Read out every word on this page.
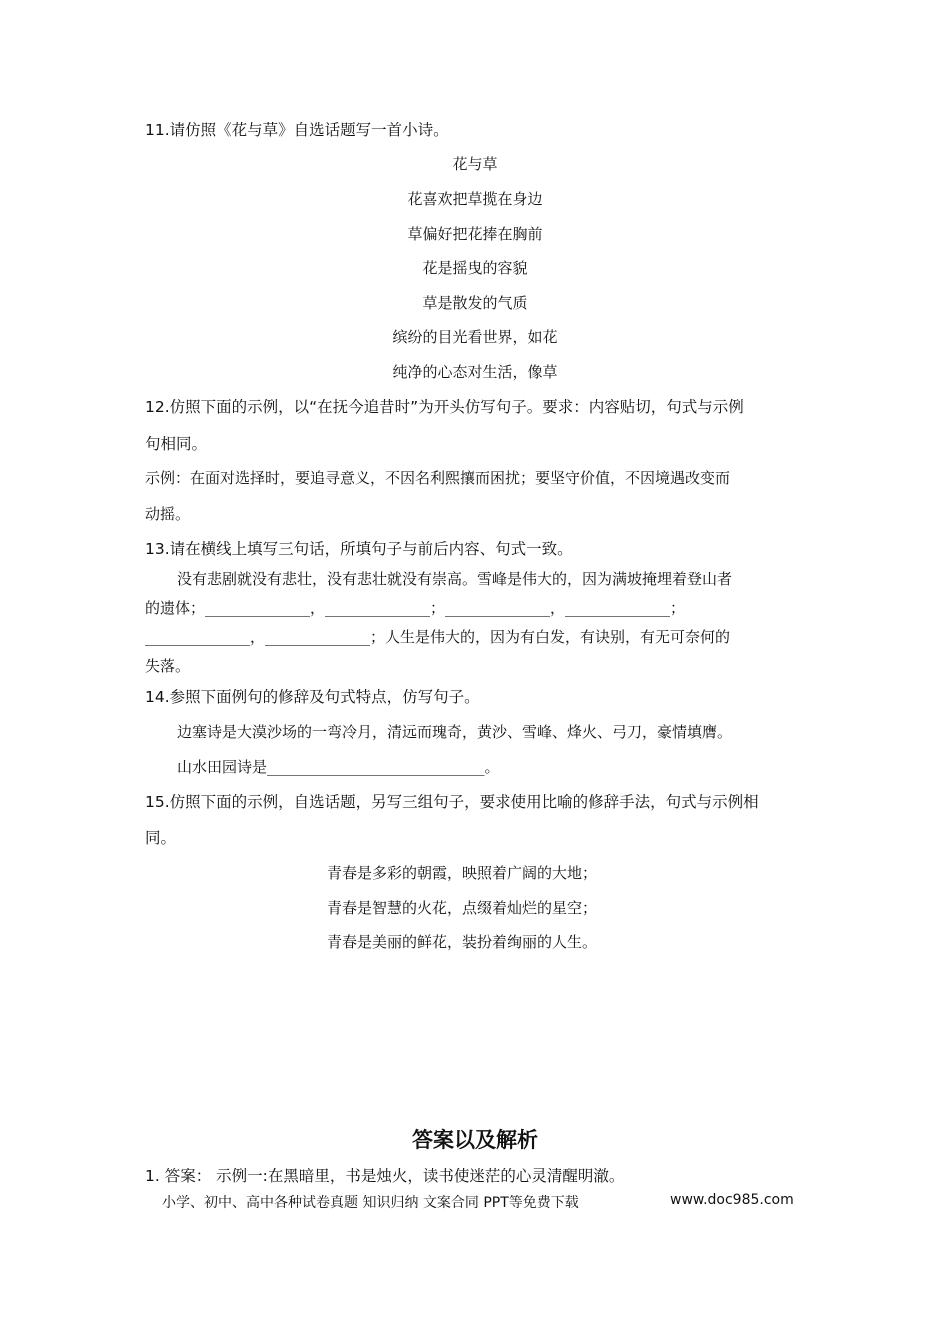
11.请仿照《花与草》自选话题写一首小诗。
花与草
花喜欢把草揽在身边
草偏好把花捧在胸前
花是摇曳的容貌
草是散发的气质
缤纷的目光看世界，如花
纯净的心态对生活，像草
12.仿照下面的示例，以“在抚今追昔时”为开头仿写句子。要求：内容贴切，句式与示例
句相同。
示例：在面对选择时，要追寻意义，不因名利熙攘而困扰；要坚守价值，不因境遇改变而
动摇。
13.请在横线上填写三句话，所填句子与前后内容、句式一致。
没有悲剧就没有悲壮，没有悲壮就没有崇高。雪峰是伟大的，因为满坡掩埋着登山者
的遗体；______________，______________；______________，______________；
______________，______________；人生是伟大的，因为有白发，有诀别，有无可奈何的
失落。
14.参照下面例句的修辞及句式特点，仿写句子。
边塞诗是大漠沙场的一弯冷月，清远而瑰奇，黄沙、雪峰、烽火、弓刀，豪情填膺。
山水田园诗是_____________________________。
15.仿照下面的示例，自选话题，另写三组句子，要求使用比喻的修辞手法，句式与示例相
同。
青春是多彩的朝霞，映照着广阔的大地；
青春是智慧的火花，点缀着灿烂的星空；
青春是美丽的鲜花，装扮着绚丽的人生。
答案以及解析
1. 答案： 示例一:在黑暗里，书是烛火，读书使迷茫的心灵清醒明澈。
小学、初中、高中各种试卷真题 知识归纳 文案合同 PPT等免费下载	www.doc985.com
